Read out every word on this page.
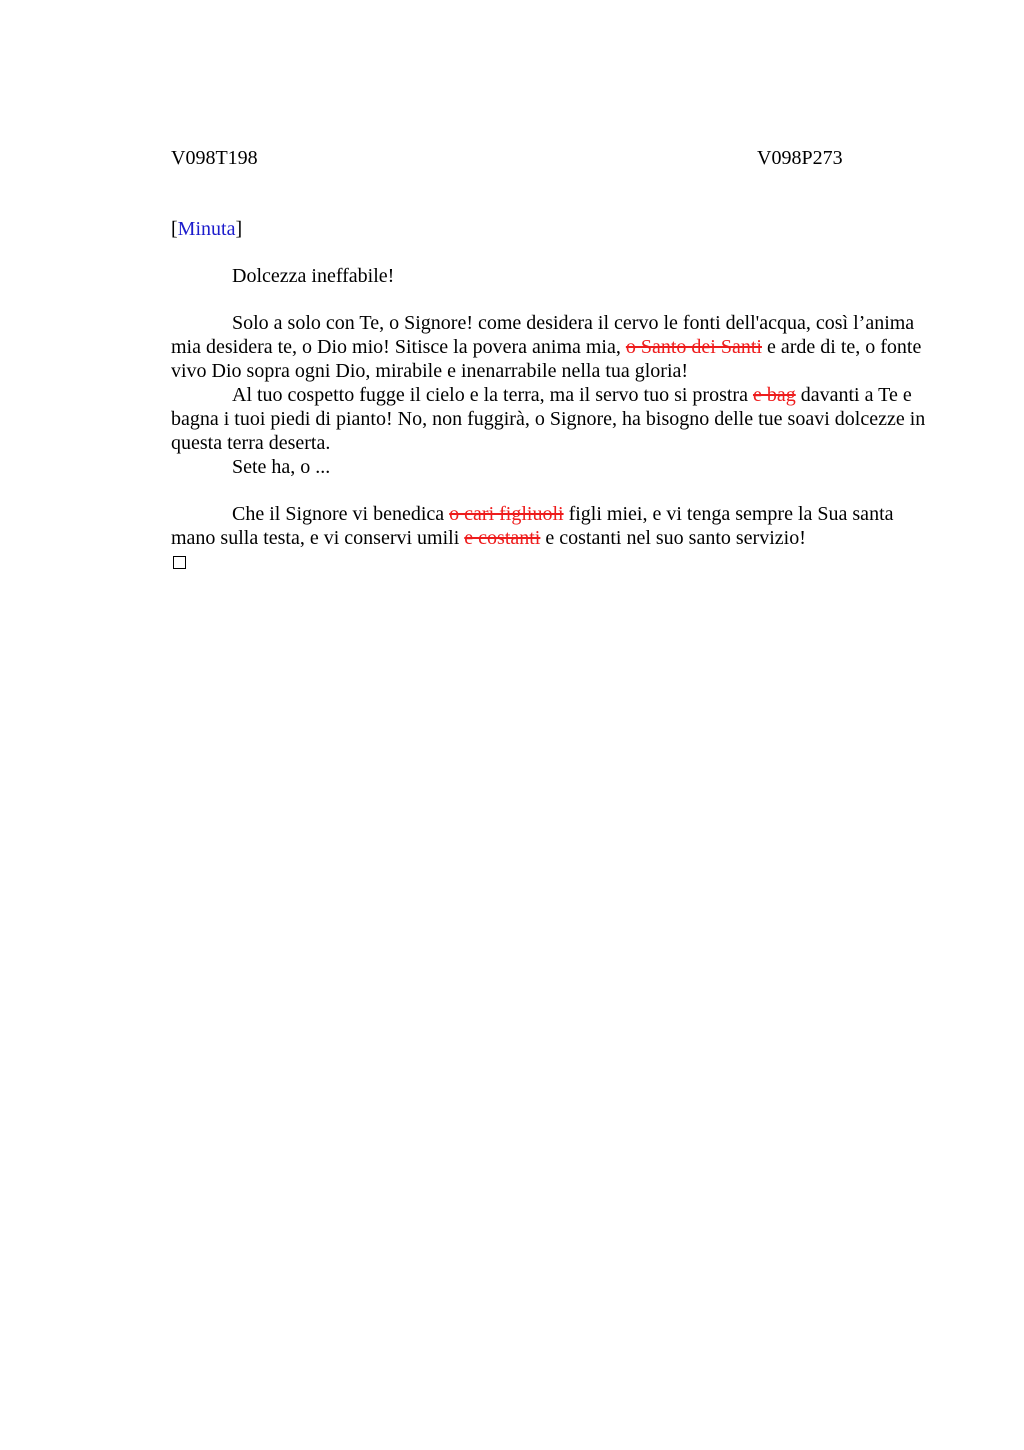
V098T198	V098P273

[Minuta]

Dolcezza ineffabile!

Solo a solo con Te, o Signore! come desidera il cervo le fonti dell'acqua, così l’anima mia desidera te, o Dio mio! Sitisce la povera anima mia, o Santo dei Santi e arde di te, o fonte vivo Dio sopra ogni Dio, mirabile e inenarrabile nella tua gloria!

Al tuo cospetto fugge il cielo e la terra, ma il servo tuo si prostra e bag davanti a Te e bagna i tuoi piedi di pianto! No, non fuggirà, o Signore, ha bisogno delle tue soavi dolcezze in questa terra deserta.

Sete ha, o ...

Che il Signore vi benedica o cari figliuoli figli miei, e vi tenga sempre la Sua santa mano sulla testa, e vi conservi umili e costanti e costanti nel suo santo servizio!
